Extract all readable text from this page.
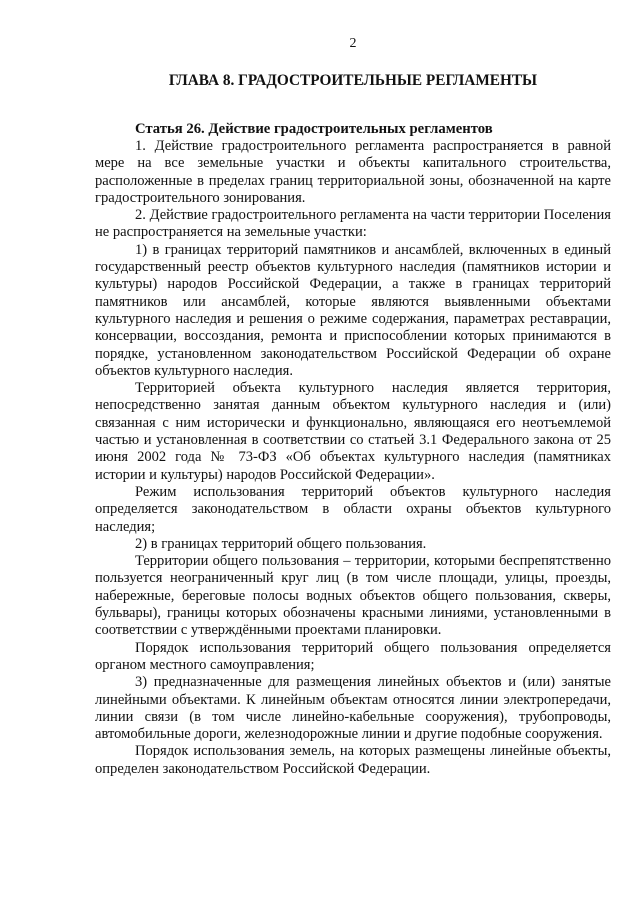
2
ГЛАВА 8. ГРАДОСТРОИТЕЛЬНЫЕ РЕГЛАМЕНТЫ
Статья 26. Действие градостроительных регламентов

1. Действие градостроительного регламента распространяется в равной мере на все земельные участки и объекты капитального строительства, расположенные в пределах границ территориальной зоны, обозначенной на карте градостроительного зонирования.

2. Действие градостроительного регламента на части территории Поселения не распространяется на земельные участки:

1) в границах территорий памятников и ансамблей, включенных в единый государственный реестр объектов культурного наследия (памятников истории и культуры) народов Российской Федерации, а также в границах территорий памятников или ансамблей, которые являются выявленными объектами культурного наследия и решения о режиме содержания, параметрах реставрации, консервации, воссоздания, ремонта и приспособлении которых принимаются в порядке, установленном законодательством Российской Федерации об охране объектов культурного наследия.

Территорией объекта культурного наследия является территория, непосредственно занятая данным объектом культурного наследия и (или) связанная с ним исторически и функционально, являющаяся его неотъемлемой частью и установленная в соответствии со статьей 3.1 Федерального закона от 25 июня 2002 года № 73-ФЗ «Об объектах культурного наследия (памятниках истории и культуры) народов Российской Федерации».

Режим использования территорий объектов культурного наследия определяется законодательством в области охраны объектов культурного наследия;

2) в границах территорий общего пользования.

Территории общего пользования – территории, которыми беспрепятственно пользуется неограниченный круг лиц (в том числе площади, улицы, проезды, набережные, береговые полосы водных объектов общего пользования, скверы, бульвары), границы которых обозначены красными линиями, установленными в соответствии с утверждёнными проектами планировки.

Порядок использования территорий общего пользования определяется органом местного самоуправления;

3) предназначенные для размещения линейных объектов и (или) занятые линейными объектами. К линейным объектам относятся линии электропередачи, линии связи (в том числе линейно-кабельные сооружения), трубопроводы, автомобильные дороги, железнодорожные линии и другие подобные сооружения.

Порядок использования земель, на которых размещены линейные объекты, определен законодательством Российской Федерации.
